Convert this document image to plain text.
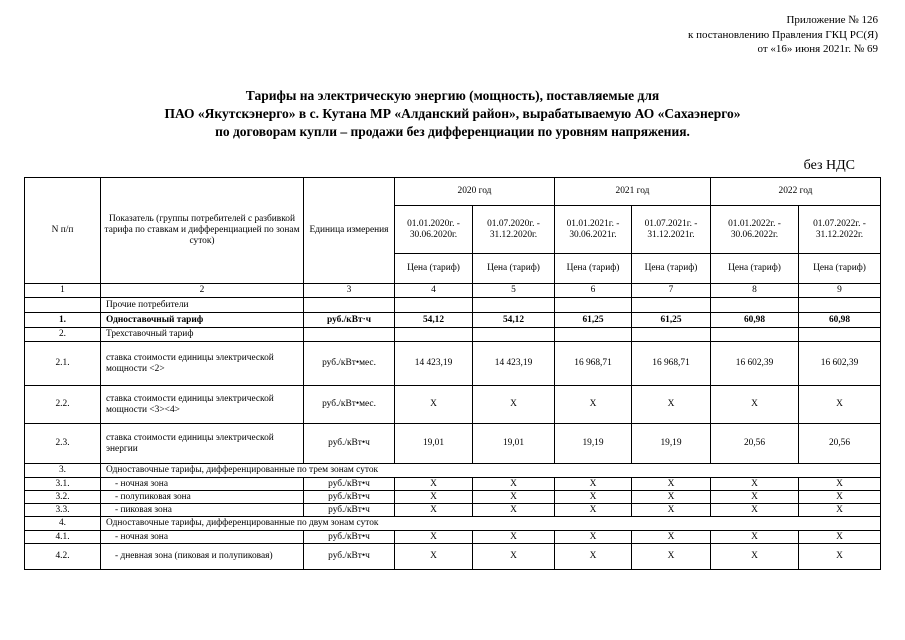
Приложение № 126
к постановлению Правления ГКЦ РС(Я)
от «16» июня 2021г. № 69
Тарифы на электрическую энергию (мощность), поставляемые для
ПАО «Якутскэнерго» в с. Кутана МР «Алданский район», вырабатываемую АО «Сахаэнерго»
по договорам купли – продажи без дифференциации по уровням напряжения.
без НДС
N п/п	Показатель (группы потребителей с разбивкой тарифа по ставкам и дифференциацией по зонам суток)	Единица измерения	2020 год		2021 год		2022 год	
			01.01.2020г. - 30.06.2020г.	01.07.2020г. - 31.12.2020г.	01.01.2021г. - 30.06.2021г.	01.07.2021г. - 31.12.2021г.	01.01.2022г. - 30.06.2022г.	01.07.2022г. - 31.12.2022г.
			Цена (тариф)	Цена (тариф)	Цена (тариф)	Цена (тариф)	Цена (тариф)	Цена (тариф)
1	2	3	4	5	6	7	8	9
	Прочие потребители							
1.	Одноставочный тариф	руб./кВт·ч	54,12	54,12	61,25	61,25	60,98	60,98
2.	Трехставочный тариф							
2.1.	ставка стоимости единицы электрической мощности <2>	руб./кВт•мес.	14 423,19	14 423,19	16 968,71	16 968,71	16 602,39	16 602,39
2.2.	ставка стоимости единицы электрической мощности <3><4>	руб./кВт•мес.	X	X	X	X	X	X
2.3.	ставка стоимости единицы электрической энергии	руб./кВт•ч	19,01	19,01	19,19	19,19	20,56	20,56
3.	Одноставочные тарифы, дифференцированные по трем зонам суток							
3.1.	- ночная зона	руб./кВт•ч	X	X	X	X	X	X
3.2.	- полупиковая зона	руб./кВт•ч	X	X	X	X	X	X
3.3.	- пиковая зона	руб./кВт•ч	X	X	X	X	X	X
4.	Одноставочные тарифы, дифференцированные по двум зонам суток							
4.1.	- ночная зона	руб./кВт•ч	X	X	X	X	X	X
4.2.	- дневная зона (пиковая и полупиковая)	руб./кВт•ч	X	X	X	X	X	X
